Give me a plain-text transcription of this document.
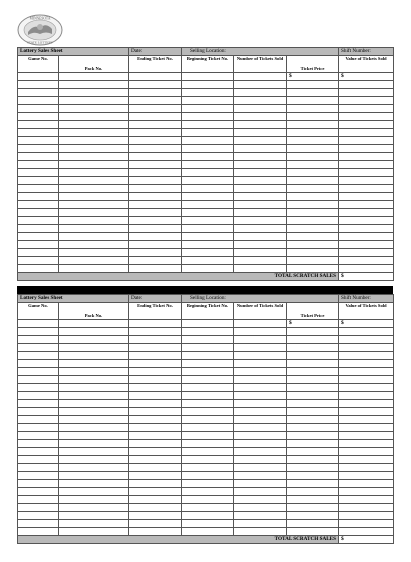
MINNESOTA
STATE LOTTERY
Lottery Sales Sheet		Date:	Selling Location:			Shift Number:
Game No.	Pack No.	Ending Ticket No.	Beginning Ticket No.	Number of Tickets Sold	Ticket Price	Value of Tickets Sold
					$	$

TOTAL SCRATCH SALES						$
Lottery Sales Sheet		Date:	Selling Location:			Shift Number:
Game No.	Pack No.	Ending Ticket No.	Beginning Ticket No.	Number of Tickets Sold	Ticket Price	Value of Tickets Sold
					$	$

TOTAL SCRATCH SALES						$
